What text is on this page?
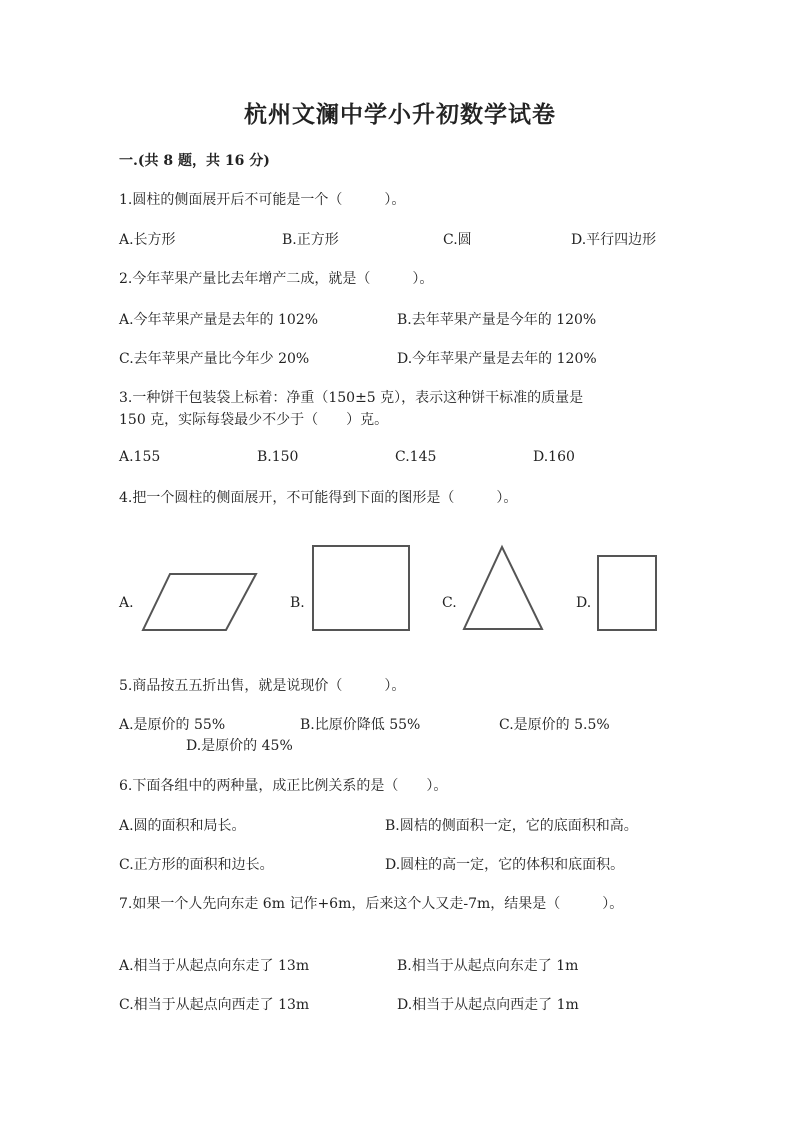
杭州文澜中学小升初数学试卷
一.(共 8 题，共 16 分)
1.圆柱的侧面展开后不可能是一个（　　　）。
A.长方形	B.正方形	C.圆	D.平行四边形
2.今年苹果产量比去年增产二成，就是（　　　）。
A.今年苹果产量是去年的 102%	B.去年苹果产量是今年的 120%
C.去年苹果产量比今年少 20%	D.今年苹果产量是去年的 120%
3.一种饼干包装袋上标着：净重（150±5 克），表示这种饼干标准的质量是
150 克，实际每袋最少不少于（　　）克。
A.155	B.150	C.145	D.160
4.把一个圆柱的侧面展开，不可能得到下面的图形是（　　　）。
A.	B.	C.	D.
5.商品按五五折出售，就是说现价（　　　）。
A.是原价的 55%	B.比原价降低 55%	C.是原价的 5.5%
D.是原价的 45%
6.下面各组中的两种量，成正比例关系的是（　　）。
A.圆的面积和局长。	B.圆桔的侧面积一定，它的底面积和高。
C.正方形的面积和边长。	D.圆柱的高一定，它的体积和底面积。
7.如果一个人先向东走 6m 记作+6m，后来这个人又走-7m，结果是（　　　）。
A.相当于从起点向东走了 13m	B.相当于从起点向东走了 1m
C.相当于从起点向西走了 13m	D.相当于从起点向西走了 1m
